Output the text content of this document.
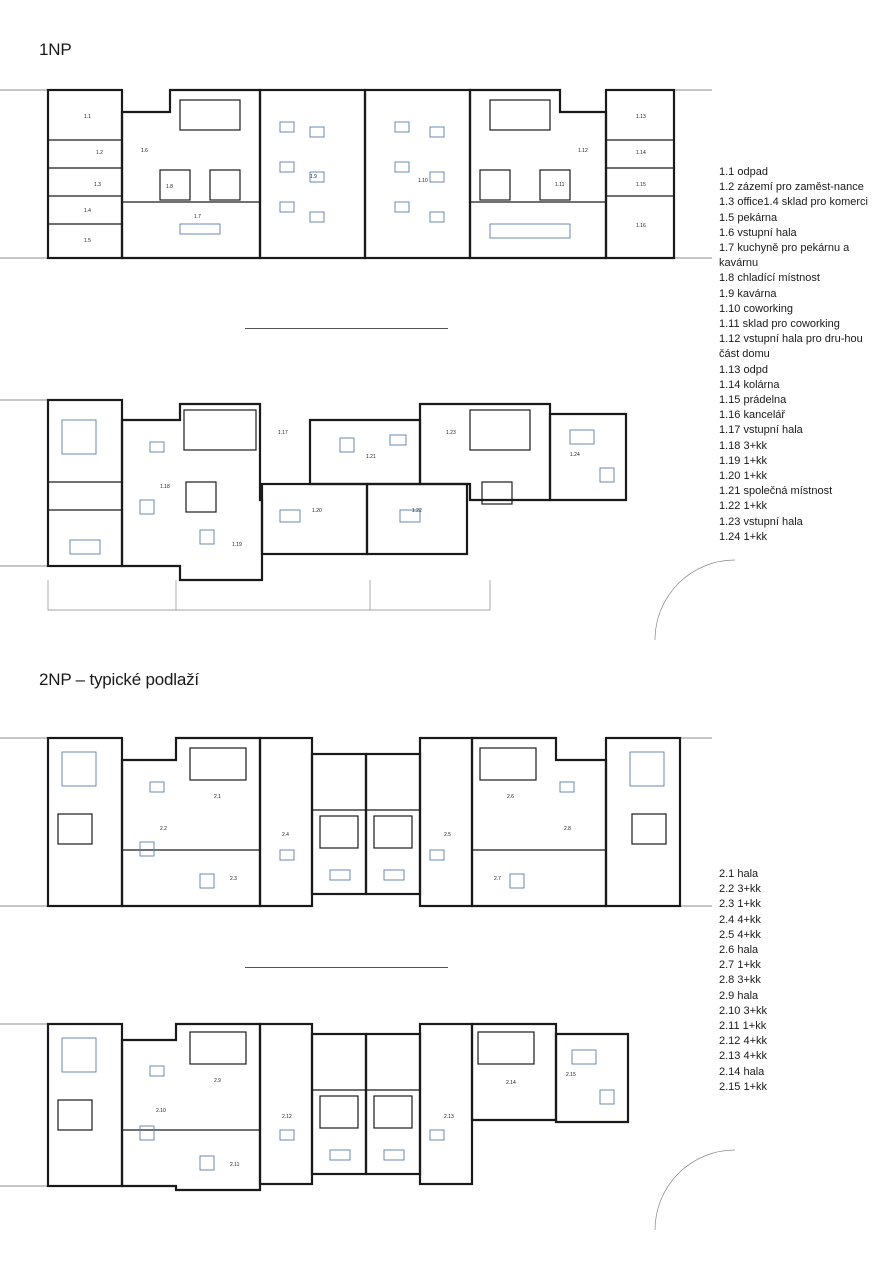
1NP
2NP – typické podlaží
1.1 odpad
1.2 zázemí pro zaměst-nance
1.3 office1.4 sklad pro komerci
1.5 pekárna
1.6 vstupní hala
1.7 kuchyně pro pekárnu a kavárnu
1.8 chladící místnost
1.9 kavárna
1.10 coworking
1.11 sklad pro coworking
1.12 vstupní hala pro dru-hou část domu
1.13 odpd
1.14 kolárna
1.15 prádelna
1.16 kancelář
1.17 vstupní hala
1.18 3+kk
1.19 1+kk
1.20 1+kk
1.21 společná místnost
1.22 1+kk
1.23 vstupní hala
1.24 1+kk
2.1 hala
2.2 3+kk
2.3 1+kk
2.4 4+kk
2.5 4+kk
2.6 hala
2.7 1+kk
2.8 3+kk
2.9 hala
2.10 3+kk
2.11 1+kk
2.12 4+kk
2.13 4+kk
2.14 hala
2.15 1+kk
1.1
1.2
1.3
1.4
1.5
1.6
1.7
1.8
1.9
1.10
1.11
1.12
1.13
1.14
1.15
1.16
1.17
1.18
1.19
1.20
1.21
1.22
1.23
1.24
2.1
2.2
2.3
2.4	2.5
2.6
2.7
2.8
2.9
2.10
2.11
2.12	2.13
2.14
2.15
